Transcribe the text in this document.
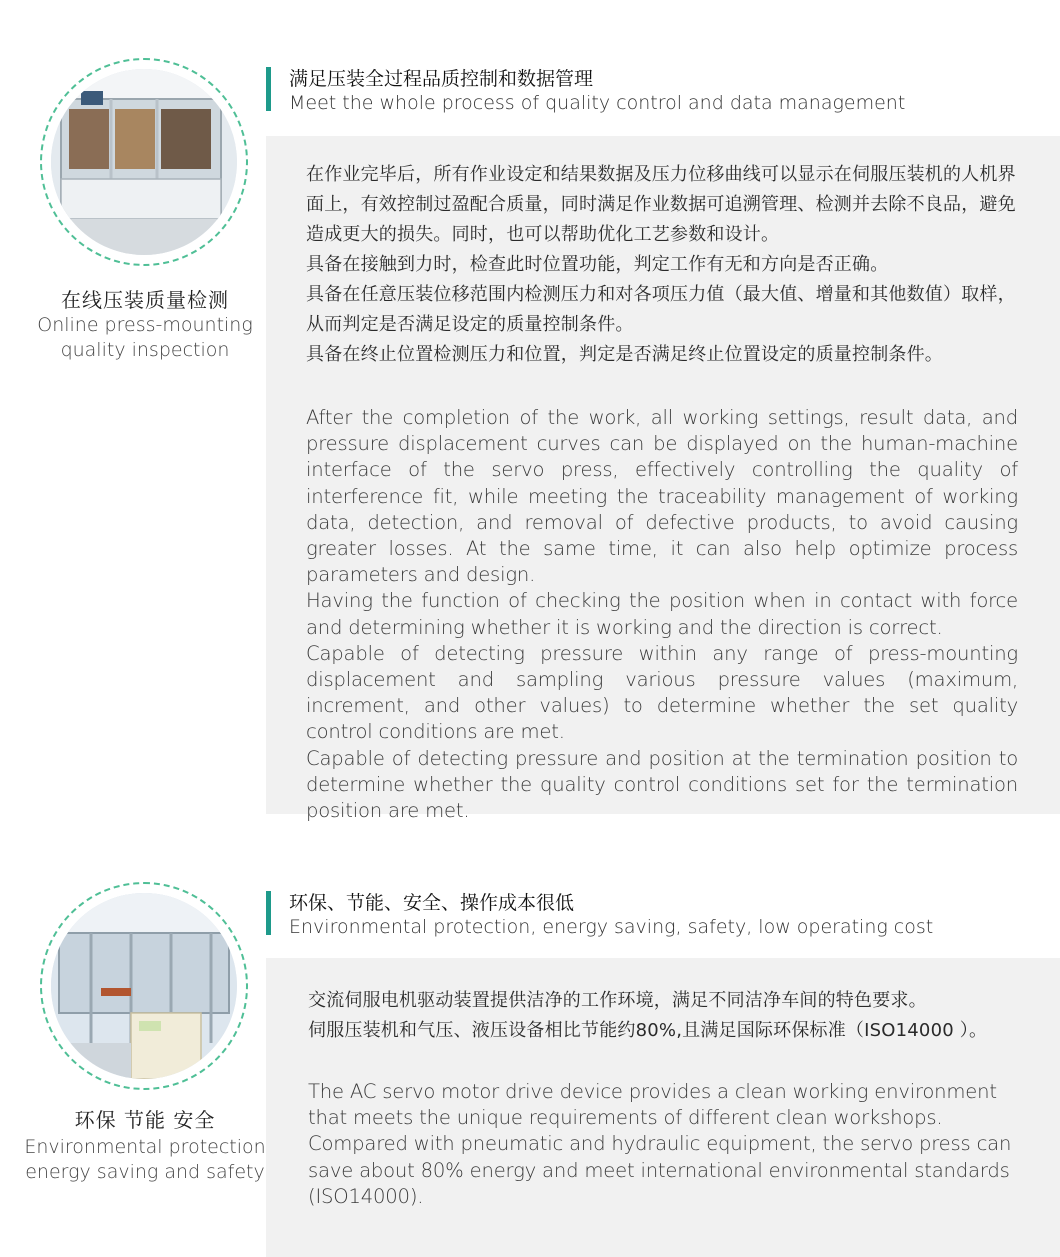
在线压装质量检测
Online press-mounting
quality inspection
满足压装全过程品质控制和数据管理
Meet the whole process of quality control and data management

在作业完毕后，所有作业设定和结果数据及压力位移曲线可以显示在伺服压装机的人机界面上，有效控制过盈配合质量，同时满足作业数据可追溯管理、检测并去除不良品，避免造成更大的损失。同时，也可以帮助优化工艺参数和设计。

具备在接触到力时，检查此时位置功能，判定工作有无和方向是否正确。

具备在任意压装位移范围内检测压力和对各项压力值（最大值、增量和其他数值）取样，从而判定是否满足设定的质量控制条件。

具备在终止位置检测压力和位置，判定是否满足终止位置设定的质量控制条件。

After the completion of the work, all working settings, result data, and pressure displacement curves can be displayed on the human-machine interface of the servo press, effectively controlling the quality of interference fit, while meeting the traceability management of working data, detection, and removal of defective products, to avoid causing greater losses. At the same time, it can also help optimize process parameters and design.

Having the function of checking the position when in contact with force and determining whether it is working and the direction is correct.

Capable of detecting pressure within any range of press-mounting displacement and sampling various pressure values (maximum, increment, and other values) to determine whether the set quality control conditions are met.

Capable of detecting pressure and position at the termination position to determine whether the quality control conditions set for the termination position are met.

环保 节能 安全
Environmental protection
energy saving and safety
环保、节能、安全、操作成本很低
Environmental protection, energy saving, safety, low operating cost

交流伺服电机驱动装置提供洁净的工作环境，满足不同洁净车间的特色要求。

伺服压装机和气压、液压设备相比节能约80%,且满足国际环保标准（ISO14000 ）。

The AC servo motor drive device provides a clean working environment that meets the unique requirements of different clean workshops.

Compared with pneumatic and hydraulic equipment, the servo press can save about 80% energy and meet international environmental standards (ISO14000).
